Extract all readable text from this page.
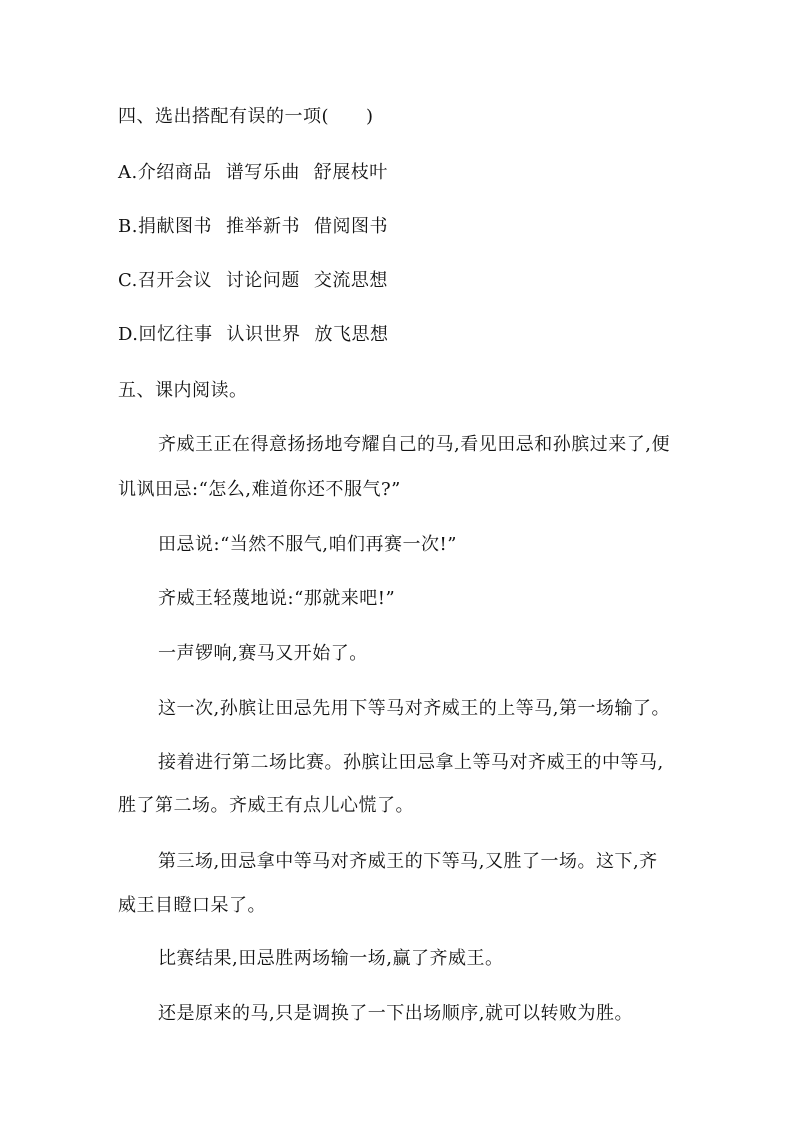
四、选出搭配有误的一项(　　)
A.介绍商品 谱写乐曲 舒展枝叶
B.捐献图书 推举新书 借阅图书
C.召开会议 讨论问题 交流思想
D.回忆往事 认识世界 放飞思想
五、课内阅读。
齐威王正在得意扬扬地夸耀自己的马,看见田忌和孙膑过来了,便
讥讽田忌:“怎么,难道你还不服气?”
田忌说:“当然不服气,咱们再赛一次!”
齐威王轻蔑地说:“那就来吧!”
一声锣响,赛马又开始了。
这一次,孙膑让田忌先用下等马对齐威王的上等马,第一场输了。
接着进行第二场比赛。孙膑让田忌拿上等马对齐威王的中等马,
胜了第二场。齐威王有点儿心慌了。
第三场,田忌拿中等马对齐威王的下等马,又胜了一场。这下,齐
威王目瞪口呆了。
比赛结果,田忌胜两场输一场,赢了齐威王。
还是原来的马,只是调换了一下出场顺序,就可以转败为胜。
